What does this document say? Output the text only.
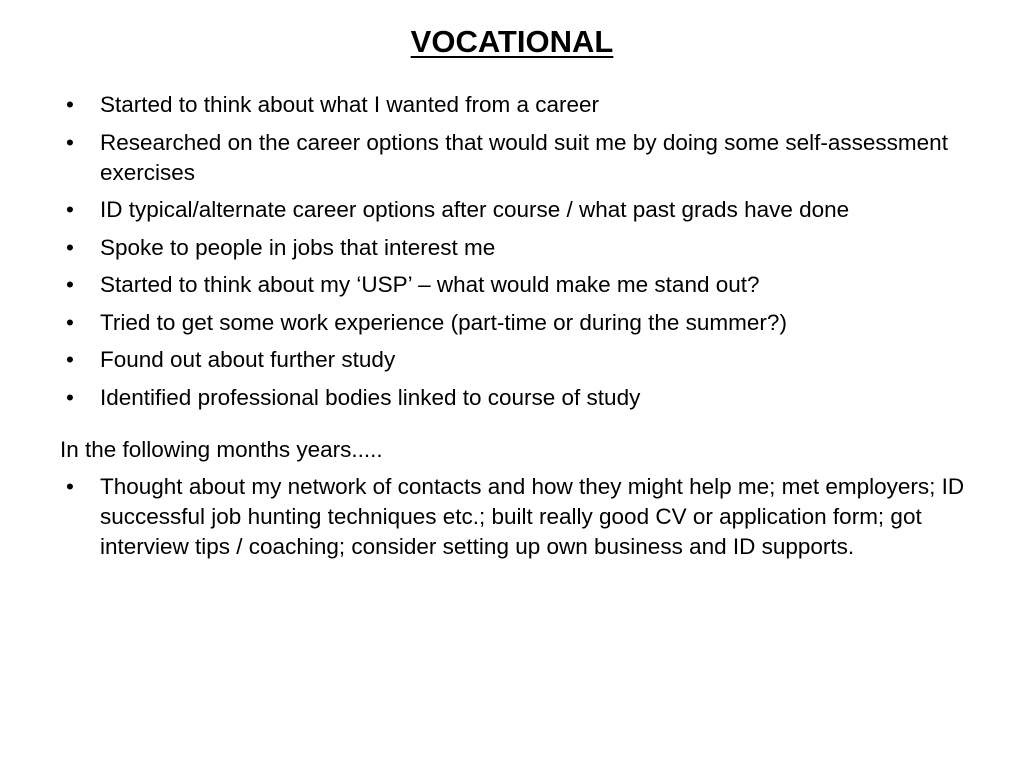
VOCATIONAL
• Started to think about what I wanted from a career
• Researched on the career options that would suit me by doing some self-assessment exercises
• ID typical/alternate career options after course / what past grads have done
• Spoke to people in jobs that interest me
• Started to think about my ‘USP’ – what would make me stand out?
• Tried to get some work experience (part-time or during the summer?)
• Found out about further study
• Identified professional bodies linked to course of study
In the following months years.....
• Thought about my network of contacts and how they might help me; met employers; ID successful job hunting techniques etc.; built really good CV or application form; got interview tips / coaching; consider setting up own business and ID supports.
